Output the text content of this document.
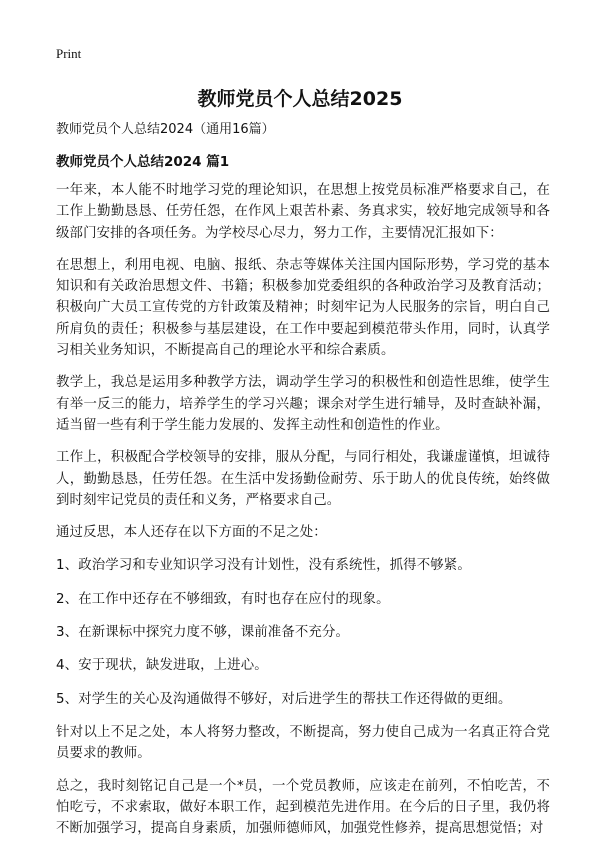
Print
教师党员个人总结2025
教师党员个人总结2024（通用16篇）
教师党员个人总结2024 篇1

一年来，本人能不时地学习党的理论知识，在思想上按党员标准严格要求自己，在工作上勤勤恳恳、任劳任怨，在作风上艰苦朴素、务真求实，较好地完成领导和各级部门安排的各项任务。为学校尽心尽力，努力工作，主要情况汇报如下：

在思想上，利用电视、电脑、报纸、杂志等媒体关注国内国际形势，学习党的基本知识和有关政治思想文件、书籍；积极参加党委组织的各种政治学习及教育活动；积极向广大员工宣传党的方针政策及精神；时刻牢记为人民服务的宗旨，明白自己所肩负的责任；积极参与基层建设，在工作中要起到模范带头作用，同时，认真学习相关业务知识，不断提高自己的理论水平和综合素质。

教学上，我总是运用多种教学方法，调动学生学习的积极性和创造性思维，使学生有举一反三的能力，培养学生的学习兴趣；课余对学生进行辅导，及时查缺补漏，适当留一些有利于学生能力发展的、发挥主动性和创造性的作业。

工作上，积极配合学校领导的安排，服从分配，与同行相处，我谦虚谨慎，坦诚待人，勤勤恳恳，任劳任怨。在生活中发扬勤俭耐劳、乐于助人的优良传统，始终做到时刻牢记党员的责任和义务，严格要求自己。

通过反思，本人还存在以下方面的不足之处：

1、政治学习和专业知识学习没有计划性，没有系统性，抓得不够紧。

2、在工作中还存在不够细致，有时也存在应付的现象。

3、在新课标中探究力度不够，课前准备不充分。

4、安于现状，缺发进取，上进心。

5、对学生的关心及沟通做得不够好，对后进学生的帮扶工作还得做的更细。

针对以上不足之处，本人将努力整改，不断提高，努力使自己成为一名真正符合党员要求的教师。

总之，我时刻铭记自己是一个*员，一个党员教师，应该走在前列，不怕吃苦，不怕吃亏，不求索取，做好本职工作，起到模范先进作用。在今后的日子里，我仍将不断加强学习，提高自身素质，加强师德师风，加强党性修养，提高思想觉悟；对
